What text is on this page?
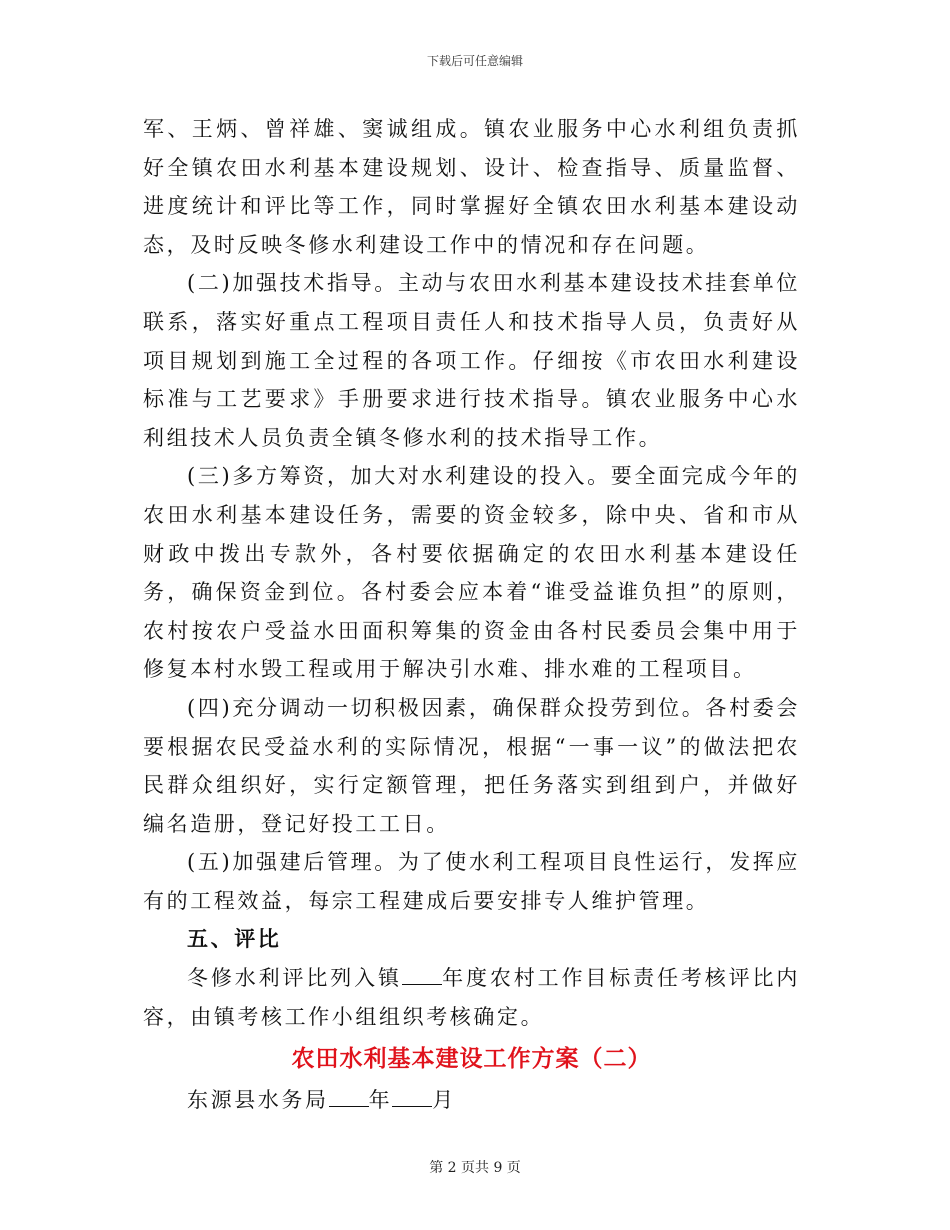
下载后可任意编辑

军、王炳、曾祥雄、窦诚组成。镇农业服务中心水利组负责抓好全镇农田水利基本建设规划、设计、检查指导、质量监督、进度统计和评比等工作，同时掌握好全镇农田水利基本建设动态，及时反映冬修水利建设工作中的情况和存在问题。

(二)加强技术指导。主动与农田水利基本建设技术挂套单位联系，落实好重点工程项目责任人和技术指导人员，负责好从项目规划到施工全过程的各项工作。仔细按《市农田水利建设标准与工艺要求》手册要求进行技术指导。镇农业服务中心水利组技术人员负责全镇冬修水利的技术指导工作。

(三)多方筹资，加大对水利建设的投入。要全面完成今年的农田水利基本建设任务，需要的资金较多，除中央、省和市从财政中拨出专款外，各村要依据确定的农田水利基本建设任务，确保资金到位。各村委会应本着“谁受益谁负担”的原则，农村按农户受益水田面积筹集的资金由各村民委员会集中用于修复本村水毁工程或用于解决引水难、排水难的工程项目。

(四)充分调动一切积极因素，确保群众投劳到位。各村委会要根据农民受益水利的实际情况，根据“一事一议”的做法把农民群众组织好，实行定额管理，把任务落实到组到户，并做好编名造册，登记好投工工日。

(五)加强建后管理。为了使水利工程项目良性运行，发挥应有的工程效益，每宗工程建成后要安排专人维护管理。

五、评比

冬修水利评比列入镇 年度农村工作目标责任考核评比内容，由镇考核工作小组组织考核确定。

农田水利基本建设工作方案（二）

东源县水务局 年 月

第 2 页共 9 页
